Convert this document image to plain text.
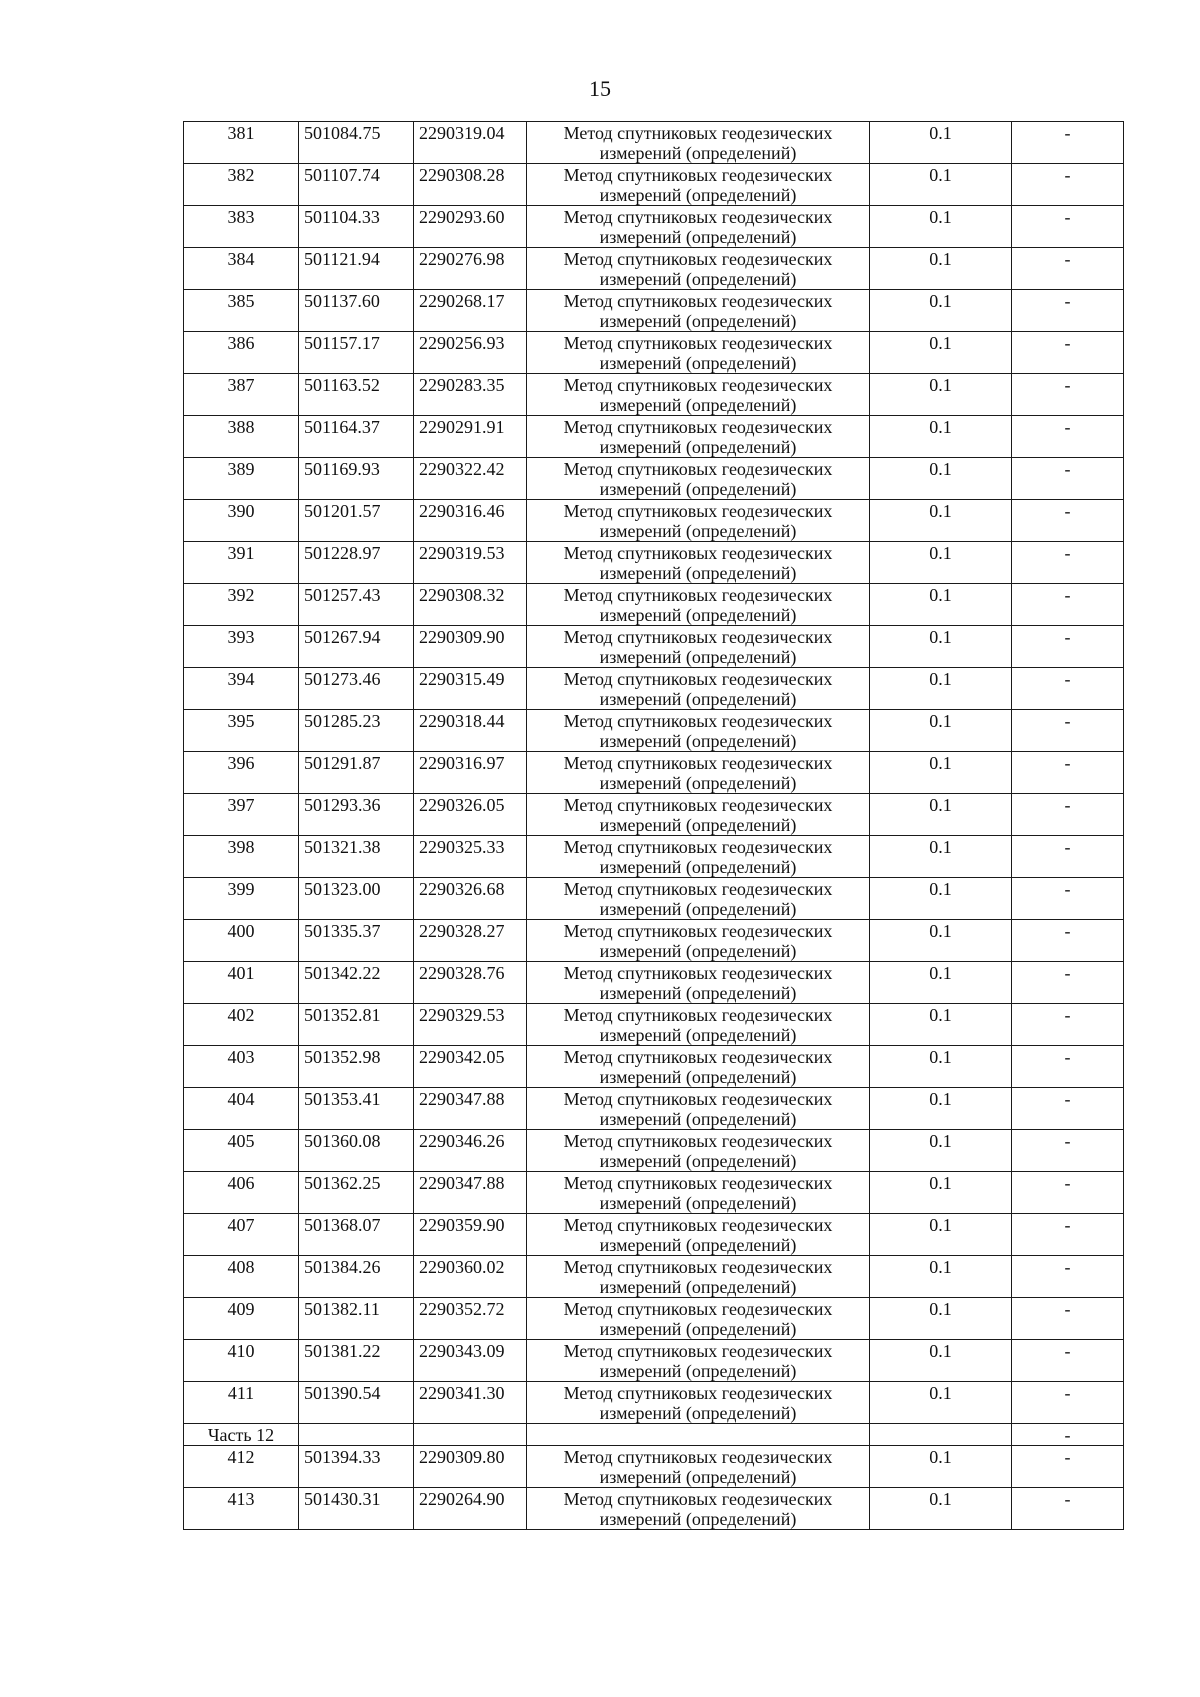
15
381	501084.75	2290319.04	Метод спутниковых геодезических измерений (определений)	0.1	-
382	501107.74	2290308.28	Метод спутниковых геодезических измерений (определений)	0.1	-
383	501104.33	2290293.60	Метод спутниковых геодезических измерений (определений)	0.1	-
384	501121.94	2290276.98	Метод спутниковых геодезических измерений (определений)	0.1	-
385	501137.60	2290268.17	Метод спутниковых геодезических измерений (определений)	0.1	-
386	501157.17	2290256.93	Метод спутниковых геодезических измерений (определений)	0.1	-
387	501163.52	2290283.35	Метод спутниковых геодезических измерений (определений)	0.1	-
388	501164.37	2290291.91	Метод спутниковых геодезических измерений (определений)	0.1	-
389	501169.93	2290322.42	Метод спутниковых геодезических измерений (определений)	0.1	-
390	501201.57	2290316.46	Метод спутниковых геодезических измерений (определений)	0.1	-
391	501228.97	2290319.53	Метод спутниковых геодезических измерений (определений)	0.1	-
392	501257.43	2290308.32	Метод спутниковых геодезических измерений (определений)	0.1	-
393	501267.94	2290309.90	Метод спутниковых геодезических измерений (определений)	0.1	-
394	501273.46	2290315.49	Метод спутниковых геодезических измерений (определений)	0.1	-
395	501285.23	2290318.44	Метод спутниковых геодезических измерений (определений)	0.1	-
396	501291.87	2290316.97	Метод спутниковых геодезических измерений (определений)	0.1	-
397	501293.36	2290326.05	Метод спутниковых геодезических измерений (определений)	0.1	-
398	501321.38	2290325.33	Метод спутниковых геодезических измерений (определений)	0.1	-
399	501323.00	2290326.68	Метод спутниковых геодезических измерений (определений)	0.1	-
400	501335.37	2290328.27	Метод спутниковых геодезических измерений (определений)	0.1	-
401	501342.22	2290328.76	Метод спутниковых геодезических измерений (определений)	0.1	-
402	501352.81	2290329.53	Метод спутниковых геодезических измерений (определений)	0.1	-
403	501352.98	2290342.05	Метод спутниковых геодезических измерений (определений)	0.1	-
404	501353.41	2290347.88	Метод спутниковых геодезических измерений (определений)	0.1	-
405	501360.08	2290346.26	Метод спутниковых геодезических измерений (определений)	0.1	-
406	501362.25	2290347.88	Метод спутниковых геодезических измерений (определений)	0.1	-
407	501368.07	2290359.90	Метод спутниковых геодезических измерений (определений)	0.1	-
408	501384.26	2290360.02	Метод спутниковых геодезических измерений (определений)	0.1	-
409	501382.11	2290352.72	Метод спутниковых геодезических измерений (определений)	0.1	-
410	501381.22	2290343.09	Метод спутниковых геодезических измерений (определений)	0.1	-
411	501390.54	2290341.30	Метод спутниковых геодезических измерений (определений)	0.1	-
Часть 12					-
412	501394.33	2290309.80	Метод спутниковых геодезических измерений (определений)	0.1	-
413	501430.31	2290264.90	Метод спутниковых геодезических измерений (определений)	0.1	-
